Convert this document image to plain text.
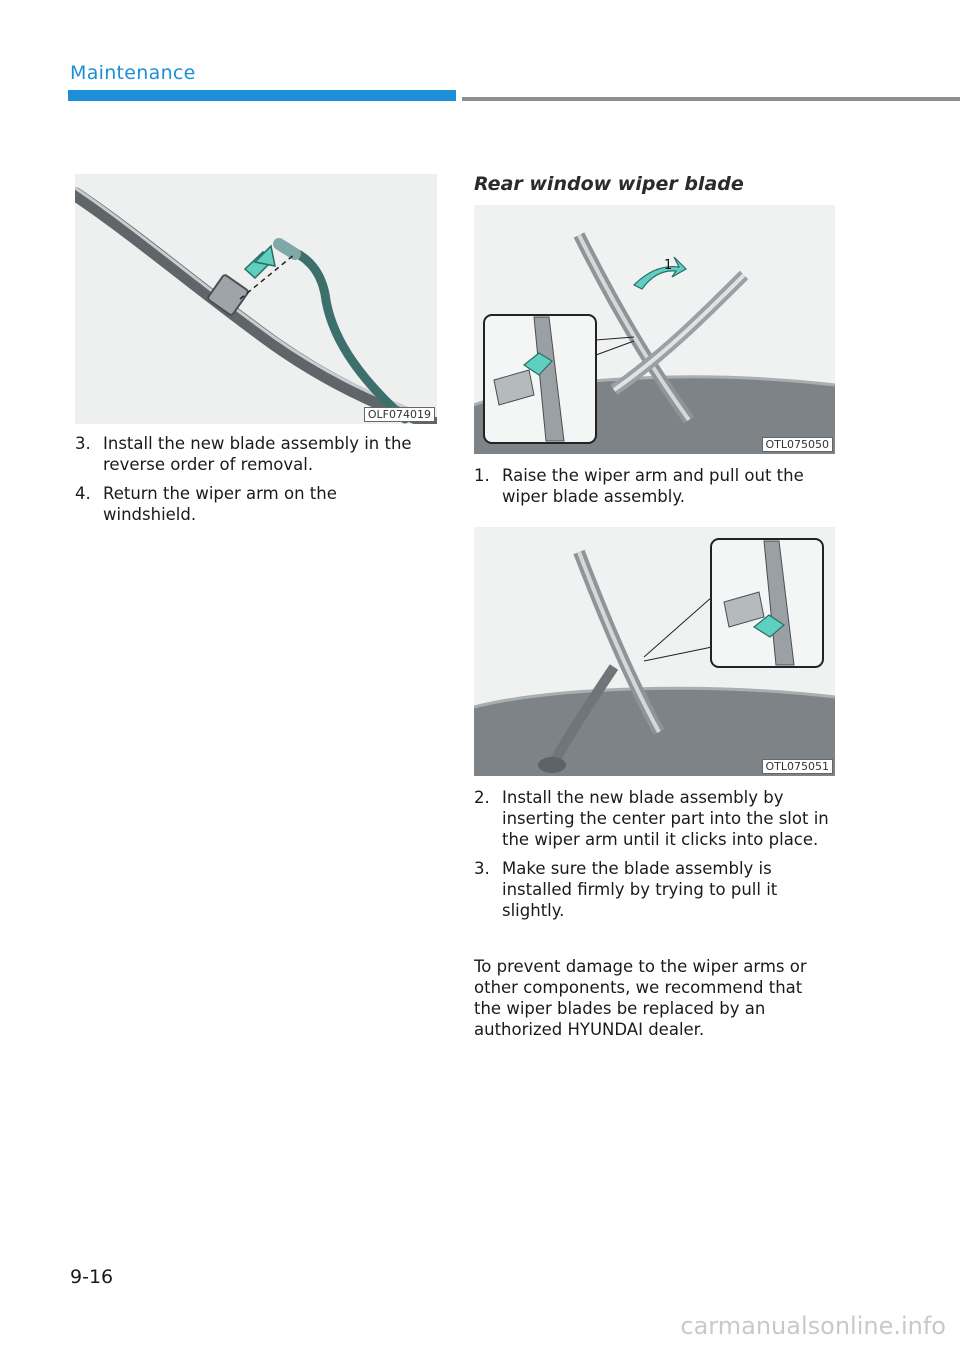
Maintenance
OLF074019
3. Install the new blade assembly in the reverse order of removal.
4. Return the wiper arm on the windshield.
Rear window wiper blade
1
OTL075050
1. Raise the wiper arm and pull out the wiper blade assembly.
OTL075051
2. Install the new blade assembly by inserting the center part into the slot in the wiper arm until it clicks into place.
3. Make sure the blade assembly is installed firmly by trying to pull it slightly.

To prevent damage to the wiper arms or other components, we recommend that the wiper blades be replaced by an authorized HYUNDAI dealer.

9-16
carmanualsonline.info
